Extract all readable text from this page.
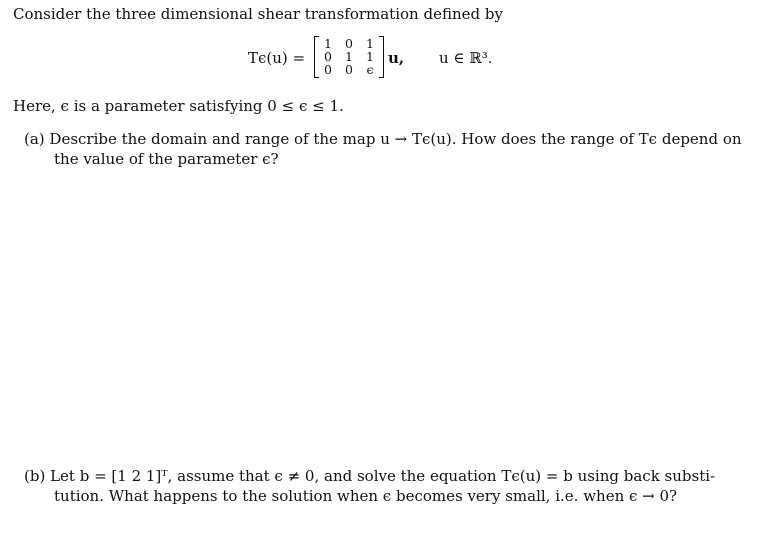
Consider the three dimensional shear transformation defined by
Tϵ(u) =
1	0	1
0	1	1
0	0	ϵ
u, u ∈ ℝ³.
Here, ϵ is a parameter satisfying 0 ≤ ϵ ≤ 1.
(a) Describe the domain and range of the map u → Tϵ(u). How does the range of Tϵ depend on
the value of the parameter ϵ?
(b) Let b = [1 2 1]ᵀ, assume that ϵ ≠ 0, and solve the equation Tϵ(u) = b using back substi-
tution. What happens to the solution when ϵ becomes very small, i.e. when ϵ → 0?
